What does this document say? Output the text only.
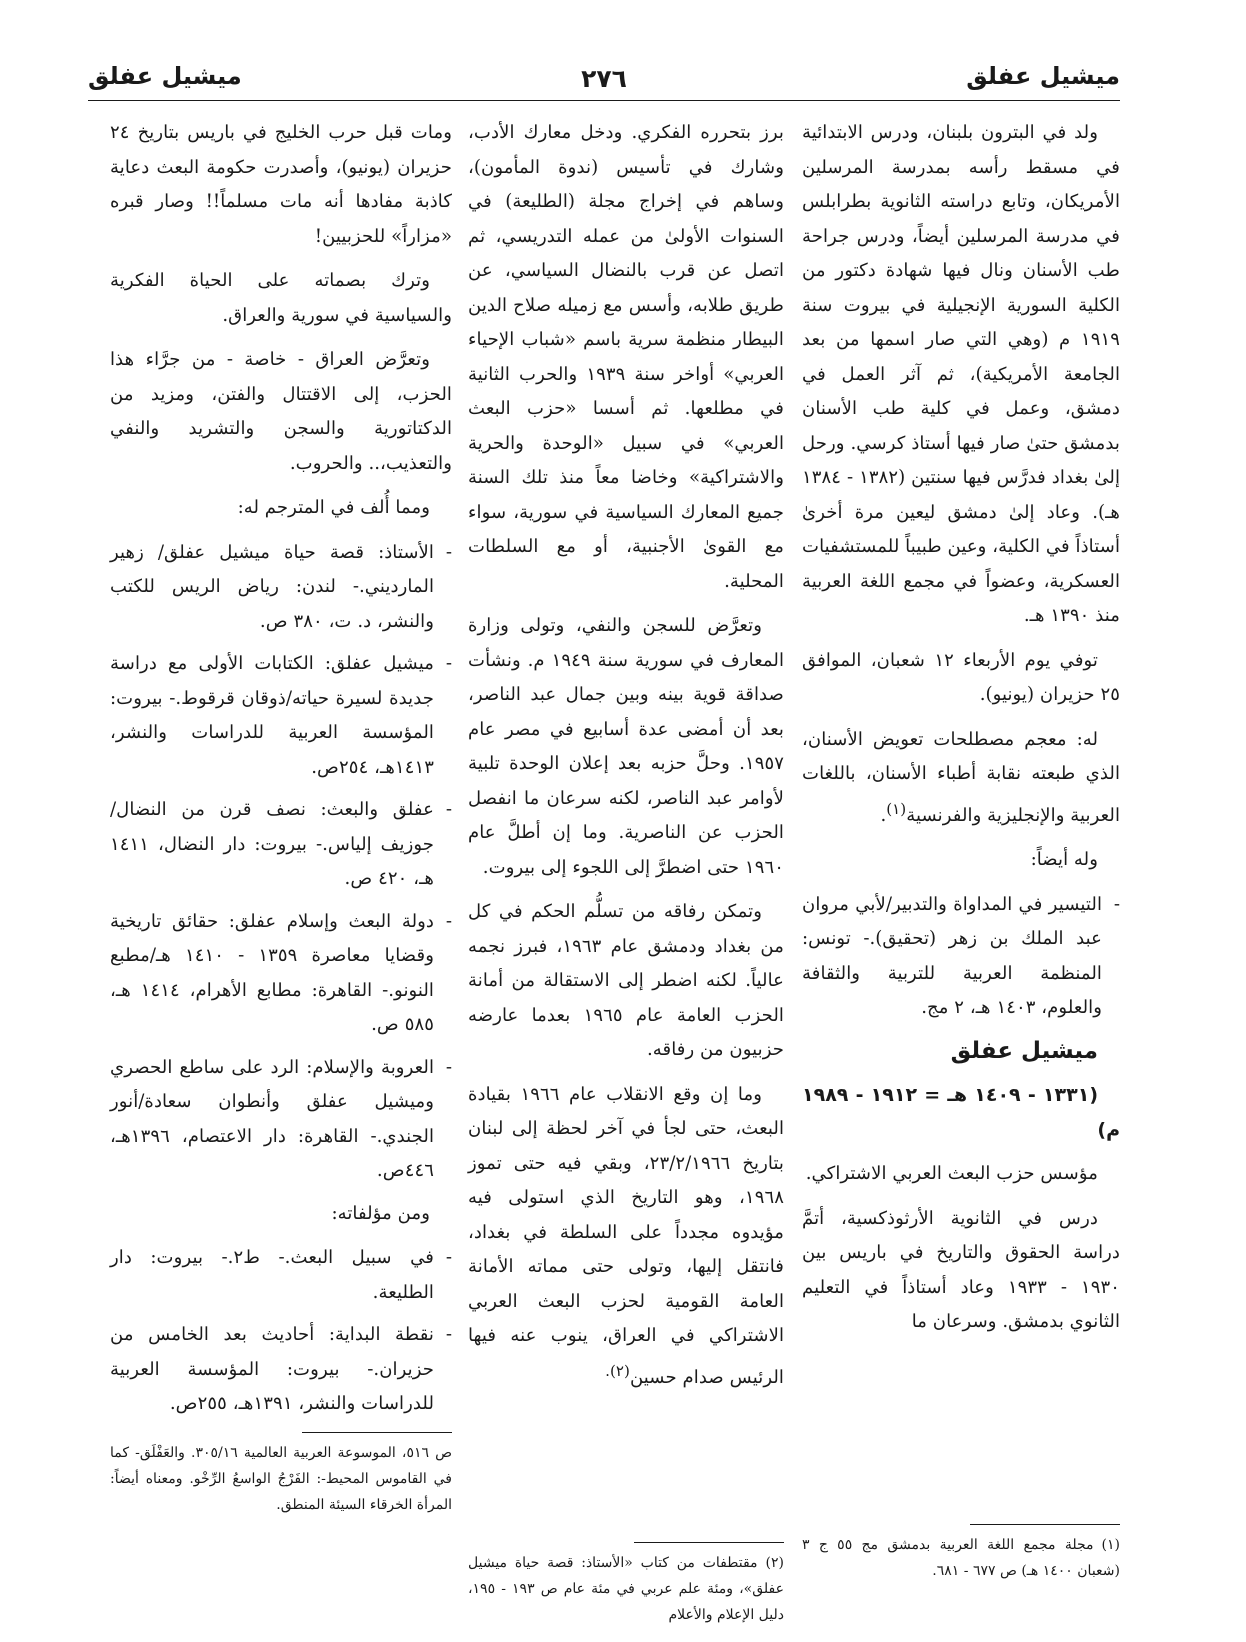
ميشيل عفلق
٢٧٦
ميشيل عفلق

ولد في البترون بلبنان، ودرس الابتدائية في مسقط رأسه بمدرسة المرسلين الأمريكان، وتابع دراسته الثانوية بطرابلس في مدرسة المرسلين أيضاً، ودرس جراحة طب الأسنان ونال فيها شهادة دكتور من الكلية السورية الإنجيلية في بيروت سنة ١٩١٩ م (وهي التي صار اسمها من بعد الجامعة الأمريكية)، ثم آثر العمل في دمشق، وعمل في كلية طب الأسنان بدمشق حتىٰ صار فيها أستاذ كرسي. ورحل إلىٰ بغداد فدرَّس فيها سنتين (١٣٨٢ - ١٣٨٤ هـ). وعاد إلىٰ دمشق ليعين مرة أخرىٰ أستاذاً في الكلية، وعين طبيباً للمستشفيات العسكرية، وعضواً في مجمع اللغة العربية منذ ١٣٩٠ هـ.

توفي يوم الأربعاء ١٢ شعبان، الموافق ٢٥ حزيران (يونيو).

له: معجم مصطلحات تعويض الأسنان، الذي طبعته نقابة أطباء الأسنان، باللغات العربية والإنجليزية والفرنسية$^{(١)}$.

وله أيضاً:

- التيسير في المداواة والتدبير/لأبي مروان عبد الملك بن زهر (تحقيق).- تونس: المنظمة العربية للتربية والثقافة والعلوم، ١٤٠٣ هـ، ٢ مج.

ميشيل عفلق

(١٣٣١ - ١٤٠٩ هـ = ١٩١٢ - ١٩٨٩ م)

مؤسس حزب البعث العربي الاشتراكي.

درس في الثانوية الأرثوذكسية، أتمَّ دراسة الحقوق والتاريخ في باريس بين ١٩٣٠ - ١٩٣٣ وعاد أستاذاً في التعليم الثانوي بدمشق. وسرعان ما

برز بتحرره الفكري. ودخل معارك الأدب، وشارك في تأسيس (ندوة المأمون)، وساهم في إخراج مجلة (الطليعة) في السنوات الأولىٰ من عمله التدريسي، ثم اتصل عن قرب بالنضال السياسي، عن طريق طلابه، وأسس مع زميله صلاح الدين البيطار منظمة سرية باسم «شباب الإحياء العربي» أواخر سنة ١٩٣٩ والحرب الثانية في مطلعها. ثم أسسا «حزب البعث العربي» في سبيل «الوحدة والحرية والاشتراكية» وخاضا معاً منذ تلك السنة جميع المعارك السياسية في سورية، سواء مع القوىٰ الأجنبية، أو مع السلطات المحلية.

وتعرَّض للسجن والنفي، وتولى وزارة المعارف في سورية سنة ١٩٤٩ م. ونشأت صداقة قوية بينه وبين جمال عبد الناصر، بعد أن أمضى عدة أسابيع في مصر عام ١٩٥٧. وحلَّ حزبه بعد إعلان الوحدة تلبية لأوامر عبد الناصر، لكنه سرعان ما انفصل الحزب عن الناصرية. وما إن أطلَّ عام ١٩٦٠ حتى اضطرَّ إلى اللجوء إلى بيروت.

وتمكن رفاقه من تسلُّم الحكم في كل من بغداد ودمشق عام ١٩٦٣، فبرز نجمه عالياً. لكنه اضطر إلى الاستقالة من أمانة الحزب العامة عام ١٩٦٥ بعدما عارضه حزبيون من رفاقه.

وما إن وقع الانقلاب عام ١٩٦٦ بقيادة البعث، حتى لجأ في آخر لحظة إلى لبنان بتاريخ ٢٣/٢/١٩٦٦، وبقي فيه حتى تموز ١٩٦٨، وهو التاريخ الذي استولى فيه مؤيدوه مجدداً على السلطة في بغداد، فانتقل إليها، وتولى حتى مماته الأمانة العامة القومية لحزب البعث العربي الاشتراكي في العراق، ينوب عنه فيها الرئيس صدام حسين$^{(٢).}$

ومات قبل حرب الخليج في باريس بتاريخ ٢٤ حزيران (يونيو)، وأصدرت حكومة البعث دعاية كاذبة مفادها أنه مات مسلماً!! وصار قبره «مزاراً» للحزبيين!

وترك بصماته على الحياة الفكرية والسياسية في سورية والعراق.

وتعرَّض العراق - خاصة - من جرَّاء هذا الحزب، إلى الاقتتال والفتن، ومزيد من الدكتاتورية والسجن والتشريد والنفي والتعذيب،.. والحروب.

ومما أُلف في المترجم له:

- الأستاذ: قصة حياة ميشيل عفلق/ زهير المارديني.- لندن: رياض الريس للكتب والنشر، د. ت، ٣٨٠ ص.
- ميشيل عفلق: الكتابات الأولى مع دراسة جديدة لسيرة حياته/ذوقان قرقوط.- بيروت: المؤسسة العربية للدراسات والنشر، ١٤١٣هـ، ٢٥٤ص.
- عفلق والبعث: نصف قرن من النضال/جوزيف إلياس.- بيروت: دار النضال، ١٤١١ هـ، ٤٢٠ ص.
- دولة البعث وإسلام عفلق: حقائق تاريخية وقضايا معاصرة ١٣٥٩ - ١٤١٠ هـ/مطبع النونو.- القاهرة: مطابع الأهرام، ١٤١٤ هـ، ٥٨٥ ص.
- العروبة والإسلام: الرد على ساطع الحصري وميشيل عفلق وأنطوان سعادة/أنور الجندي.- القاهرة: دار الاعتصام، ١٣٩٦هـ، ٤٤٦ص.

ومن مؤلفاته:

- في سبيل البعث.- ط٢.- بيروت: دار الطليعة.
- نقطة البداية: أحاديث بعد الخامس من حزيران.- بيروت: المؤسسة العربية للدراسات والنشر، ١٣٩١هـ، ٢٥٥ص.
ص ٥١٦، الموسوعة العربية العالمية ٣٠٥/١٦. والعَفْلَق- كما في القاموس المحيط-: الفَرْجُ الواسعُ الرِّخْو. ومعناه أيضاً: المرأة الخرقاء السيئة المنطق.
(٢)مقتطفات من كتاب «الأستاذ: قصة حياة ميشيل عفلق»، ومئة علم عربي في مئة عام ص ١٩٣ - ١٩٥، دليل الإعلام والأعلام
(١)مجلة مجمع اللغة العربية بدمشق مج ٥٥ ج ٣ (شعبان ١٤٠٠ هـ) ص ٦٧٧ - ٦٨١.
